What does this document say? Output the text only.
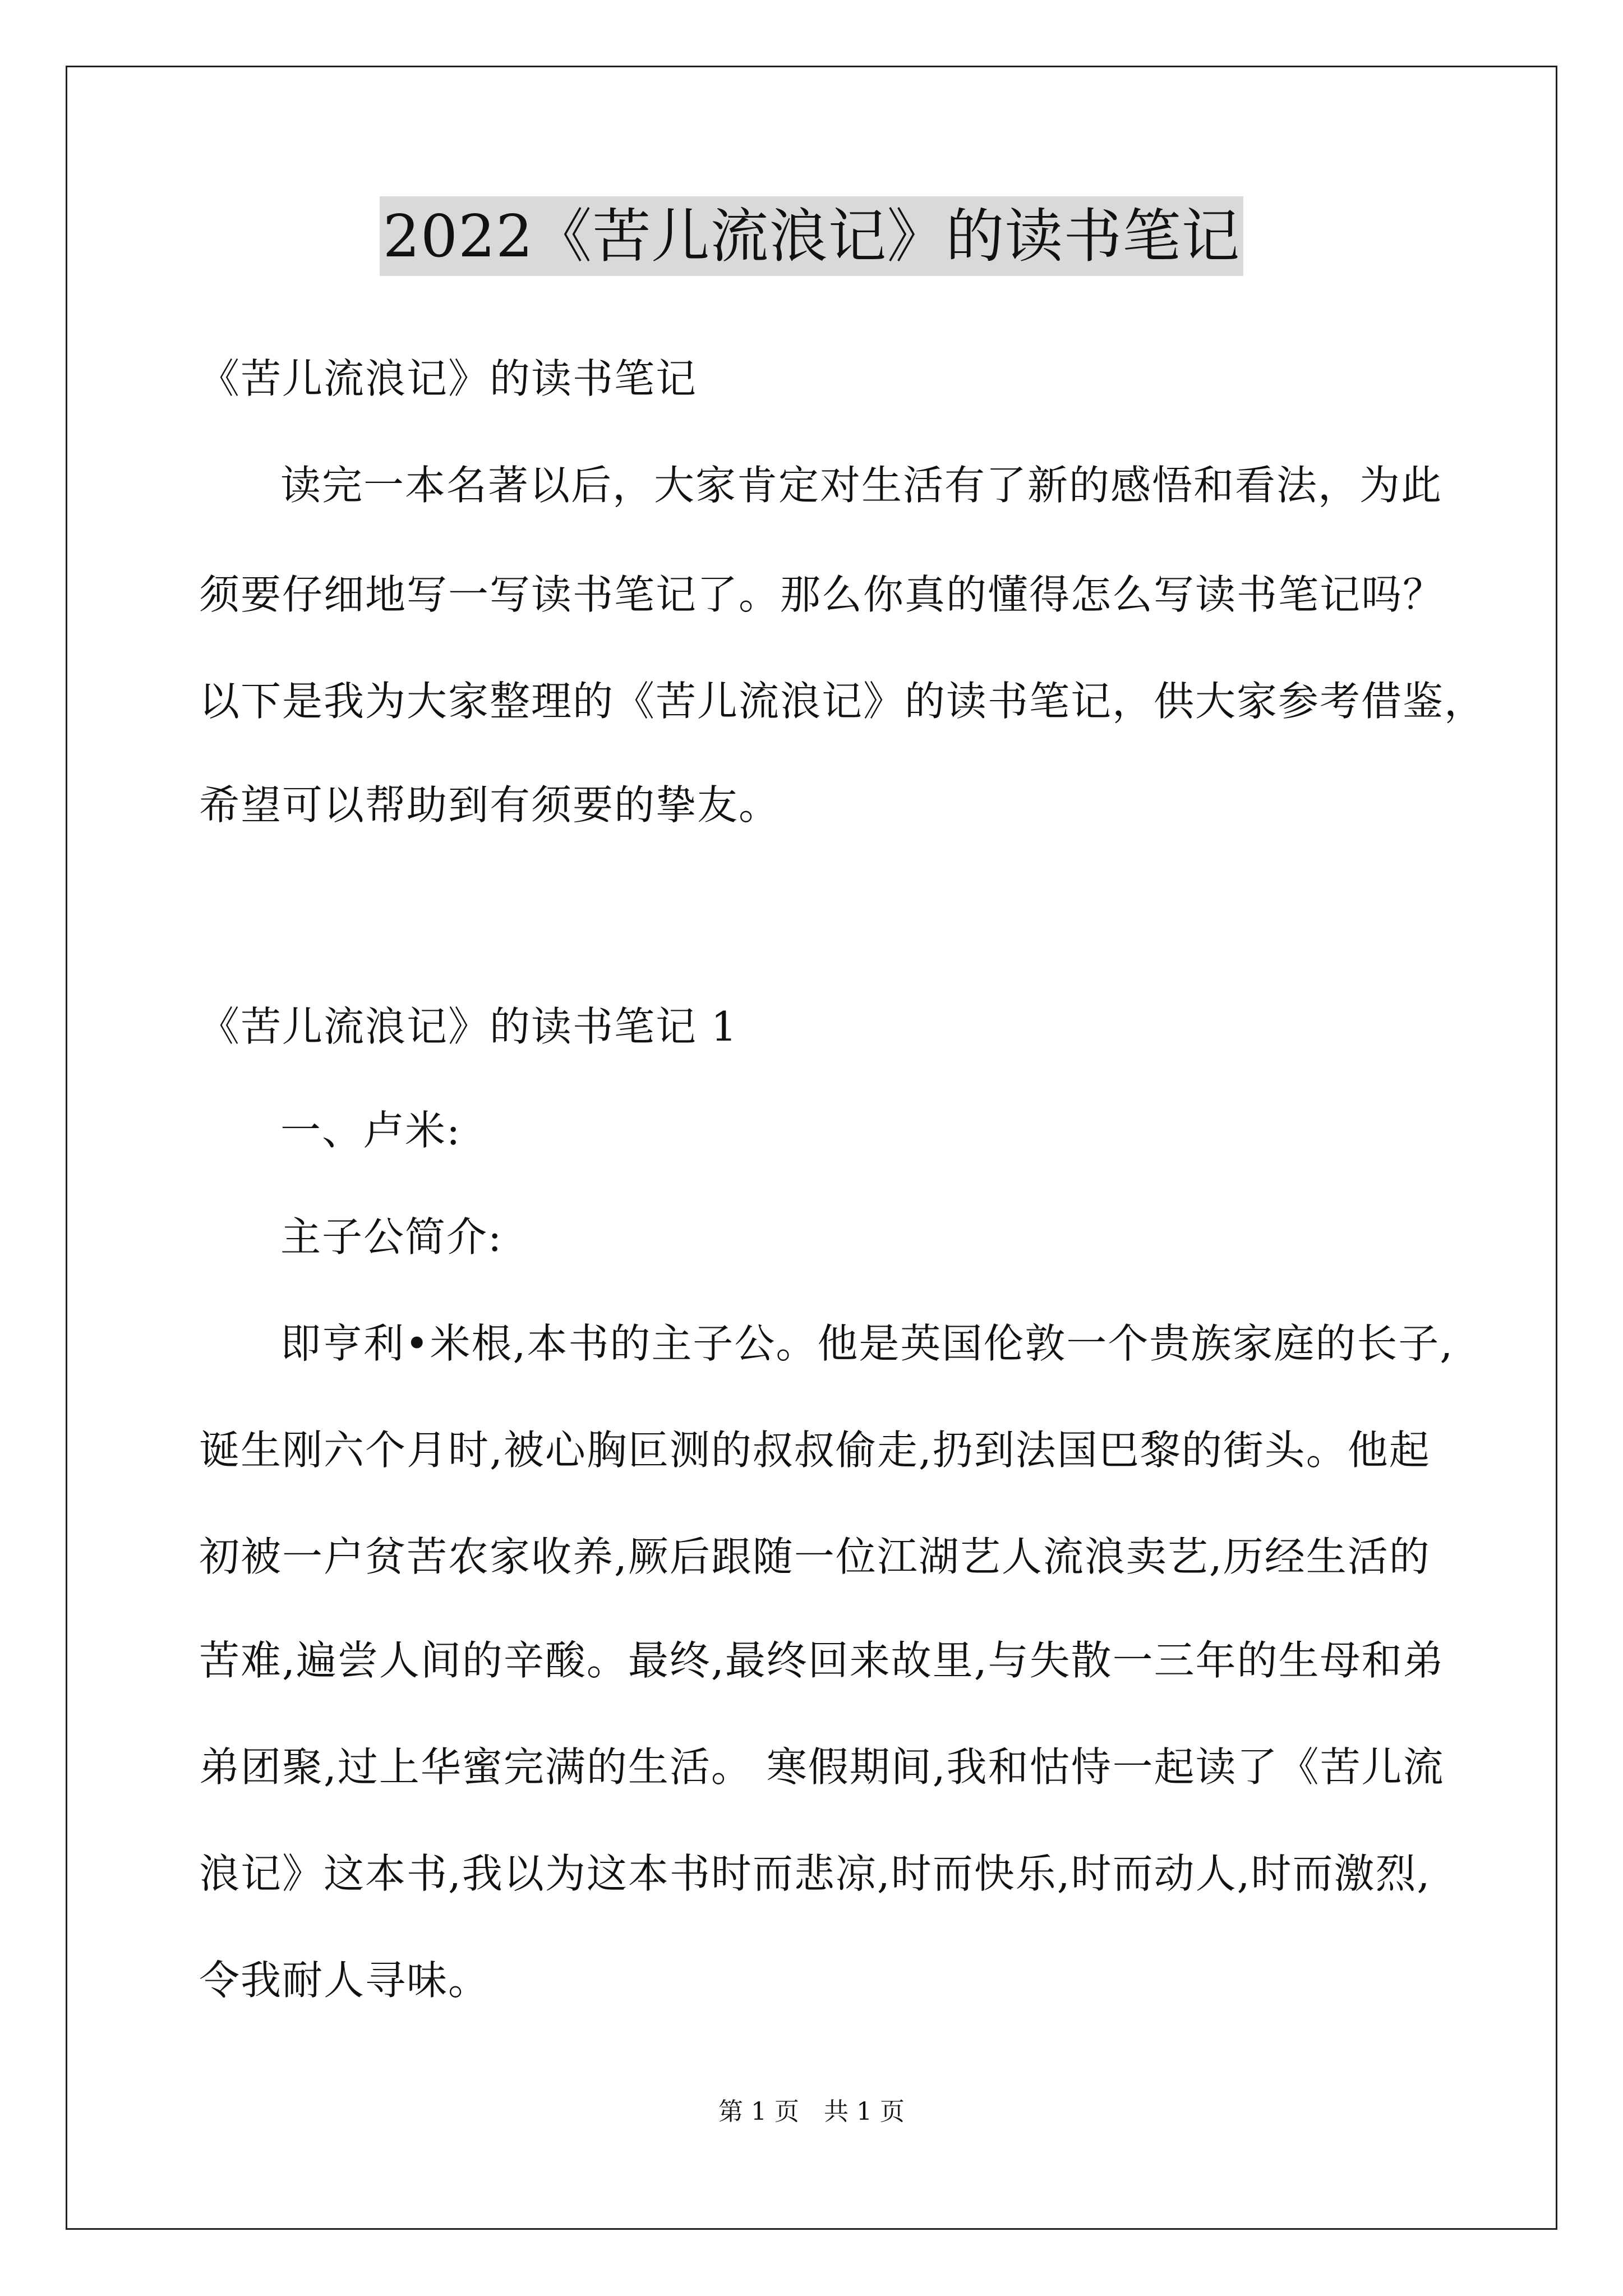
2022《苦儿流浪记》的读书笔记
《苦儿流浪记》的读书笔记
读完一本名著以后，大家肯定对生活有了新的感悟和看法，为此
须要仔细地写一写读书笔记了。那么你真的懂得怎么写读书笔记吗？
以下是我为大家整理的《苦儿流浪记》的读书笔记，供大家参考借鉴，
希望可以帮助到有须要的挚友。
《苦儿流浪记》的读书笔记 1
一、卢米:
主子公简介:
即亨利•米根,本书的主子公。他是英国伦敦一个贵族家庭的长子,
诞生刚六个月时,被心胸叵测的叔叔偷走,扔到法国巴黎的街头。他起
初被一户贫苦农家收养,厥后跟随一位江湖艺人流浪卖艺,历经生活的
苦难,遍尝人间的辛酸。最终,最终回来故里,与失散一三年的生母和弟
弟团聚,过上华蜜完满的生活。 寒假期间,我和怙恃一起读了《苦儿流
浪记》这本书,我以为这本书时而悲凉,时而快乐,时而动人,时而激烈,
令我耐人寻味。
第 1 页　共 1 页
